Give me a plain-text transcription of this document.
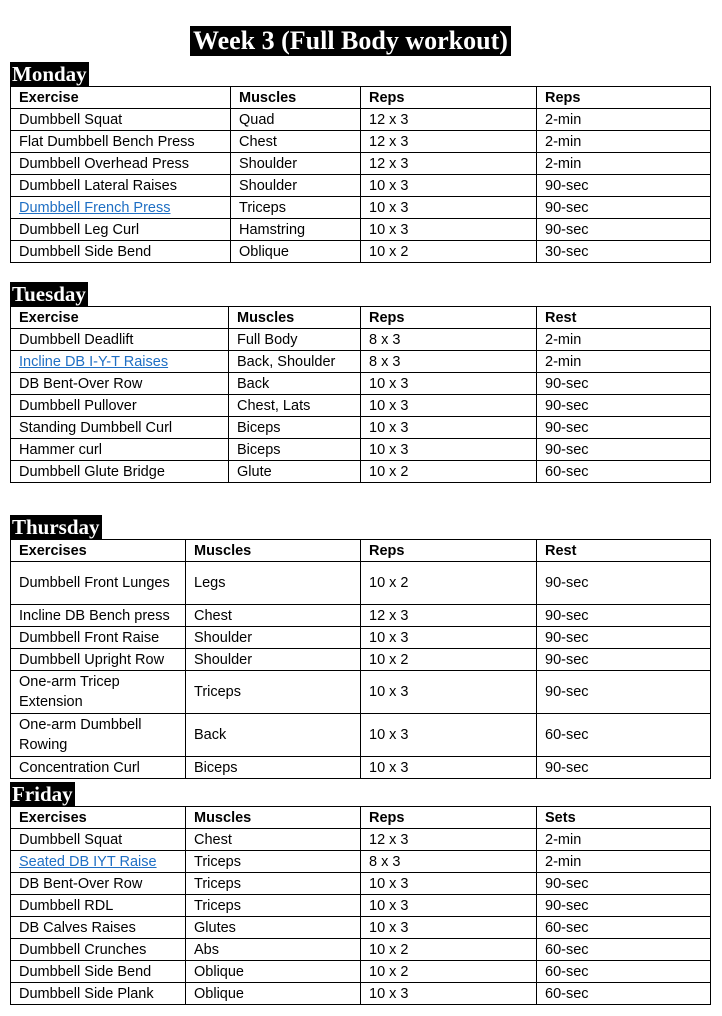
Week 3 (Full Body workout)
Monday
Exercise	Muscles	Reps	Reps
Dumbbell Squat	Quad	12 x 3	2-min
Flat Dumbbell Bench Press	Chest	12 x 3	2-min
Dumbbell Overhead Press	Shoulder	12 x 3	2-min
Dumbbell Lateral Raises	Shoulder	10 x 3	90-sec
Dumbbell French Press	Triceps	10 x 3	90-sec
Dumbbell Leg Curl	Hamstring	10 x 3	90-sec
Dumbbell Side Bend	Oblique	10 x 2	30-sec
Tuesday
Exercise	Muscles	Reps	Rest
Dumbbell Deadlift	Full Body	8 x 3	2-min
Incline DB I-Y-T Raises	Back, Shoulder	8 x 3	2-min
DB Bent-Over Row	Back	10 x 3	90-sec
Dumbbell Pullover	Chest, Lats	10 x 3	90-sec
Standing Dumbbell Curl	Biceps	10 x 3	90-sec
Hammer curl	Biceps	10 x 3	90-sec
Dumbbell Glute Bridge	Glute	10 x 2	60-sec
Thursday
Exercises	Muscles	Reps	Rest
Dumbbell Front Lunges	Legs	10 x 2	90-sec
Incline DB Bench press	Chest	12 x 3	90-sec
Dumbbell Front Raise	Shoulder	10 x 3	90-sec
Dumbbell Upright Row	Shoulder	10 x 2	90-sec
One-arm Tricep Extension	Triceps	10 x 3	90-sec
One-arm Dumbbell Rowing	Back	10 x 3	60-sec
Concentration Curl	Biceps	10 x 3	90-sec
Friday
Exercises	Muscles	Reps	Sets
Dumbbell Squat	Chest	12 x 3	2-min
Seated DB IYT Raise	Triceps	8 x 3	2-min
DB Bent-Over Row	Triceps	10 x 3	90-sec
Dumbbell RDL	Triceps	10 x 3	90-sec
DB Calves Raises	Glutes	10 x 3	60-sec
Dumbbell Crunches	Abs	10 x 2	60-sec
Dumbbell Side Bend	Oblique	10 x 2	60-sec
Dumbbell Side Plank	Oblique	10 x 3	60-sec
